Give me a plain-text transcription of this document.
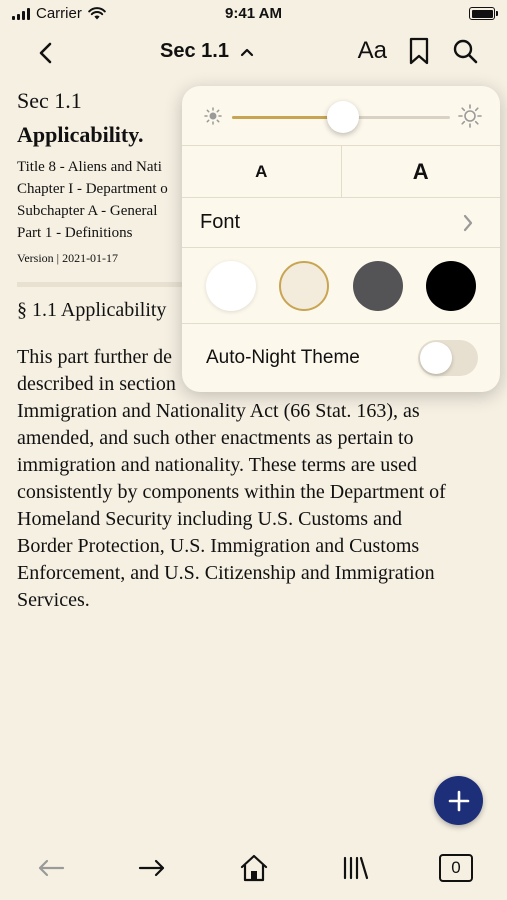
Carrier	9:41 AM
Sec 1.1	Aa
Sec 1.1
Applicability.
Title 8 - Aliens and Nati
Chapter I - Department o
Subchapter A - General
Part 1 - Definitions
Version | 2021-01-17
§ 1.1 Applicability
This part further de
described in section
Immigration and Nationality Act (66 Stat. 163), as
amended, and such other enactments as pertain to
immigration and nationality. These terms are used
consistently by components within the Department of
Homeland Security including U.S. Customs and
Border Protection, U.S. Immigration and Customs
Enforcement, and U.S. Citizenship and Immigration
Services.
A	A
Font
Auto-Night Theme
0
